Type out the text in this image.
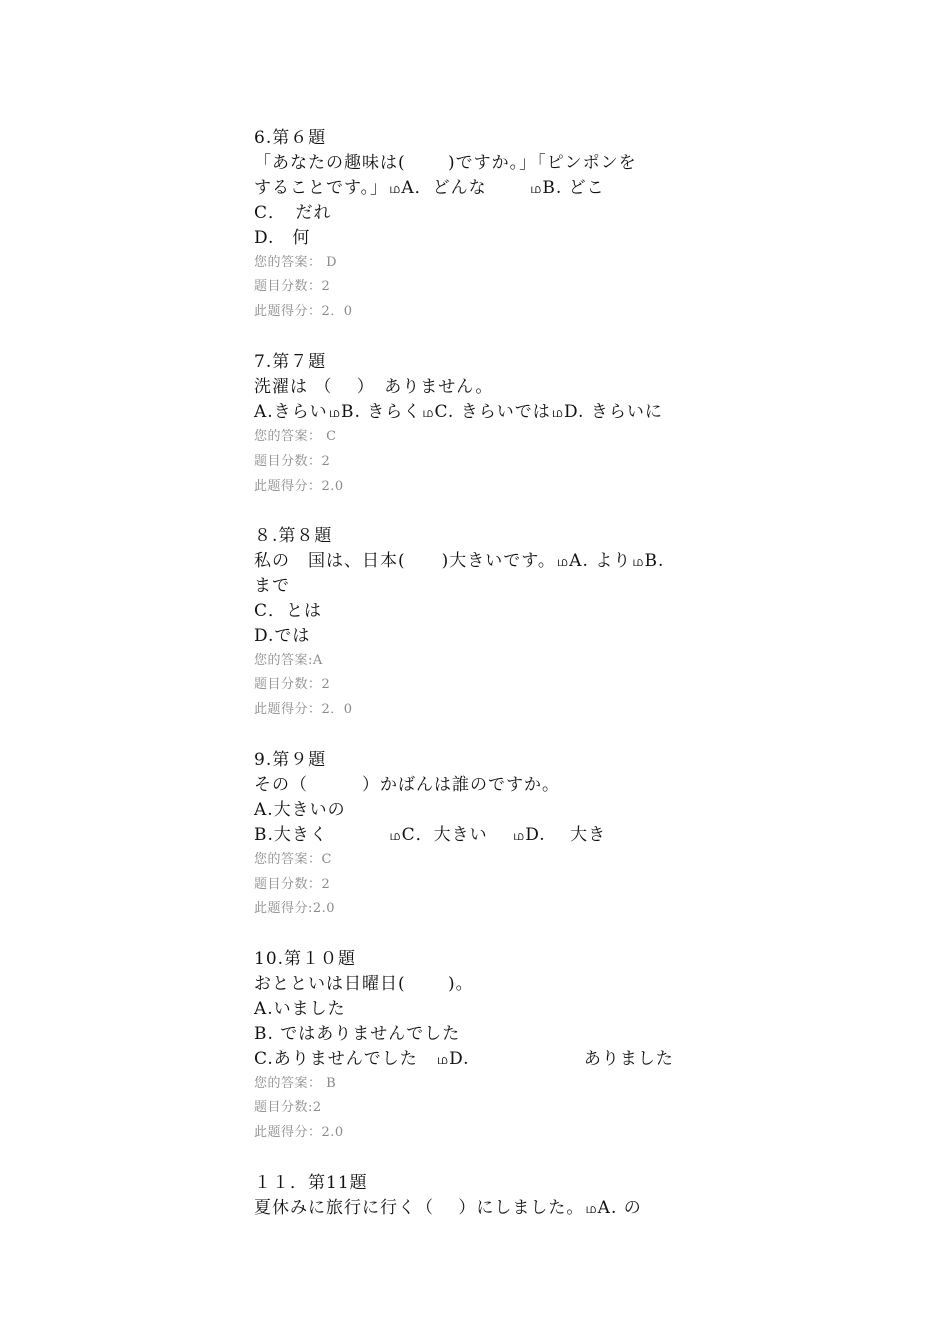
6.第６題
「あなたの趣味は(　　 )ですか。」「ピンポンを
することです。」மA．どんな　　 மB. どこ
C．　だれ
D.　何
您的答案： D
题目分数：2
此题得分：2．0
7.第７題
洗濯は （　 ）　ありません。
A.きらいமB. きらくமC. きらいではமD. きらいに
您的答案： C
题目分数：2
此题得分：2.0
８.第８題
私の　国は、日本(　　)大きいです。மA. よりமB.
まで
C．とは
D.では
您的答案:A
题目分数：2
此题得分：2．0
9.第９題
その（　　　）かばんは誰のですか。
A.大きいの
B.大きく　　　 மC．大きい　 மD.　 大き
您的答案：C
题目分数：2
此题得分:2.0
10.第１０題
おとといは日曜日(　　 )。
A.いました
B. ではありませんでした
C.ありませんでした　மD.　　　　　　 ありました
您的答案： B
题目分数:2
此题得分：2.0
１１．第11題
夏休みに旅行に行く（　 ）にしました。மA. の
